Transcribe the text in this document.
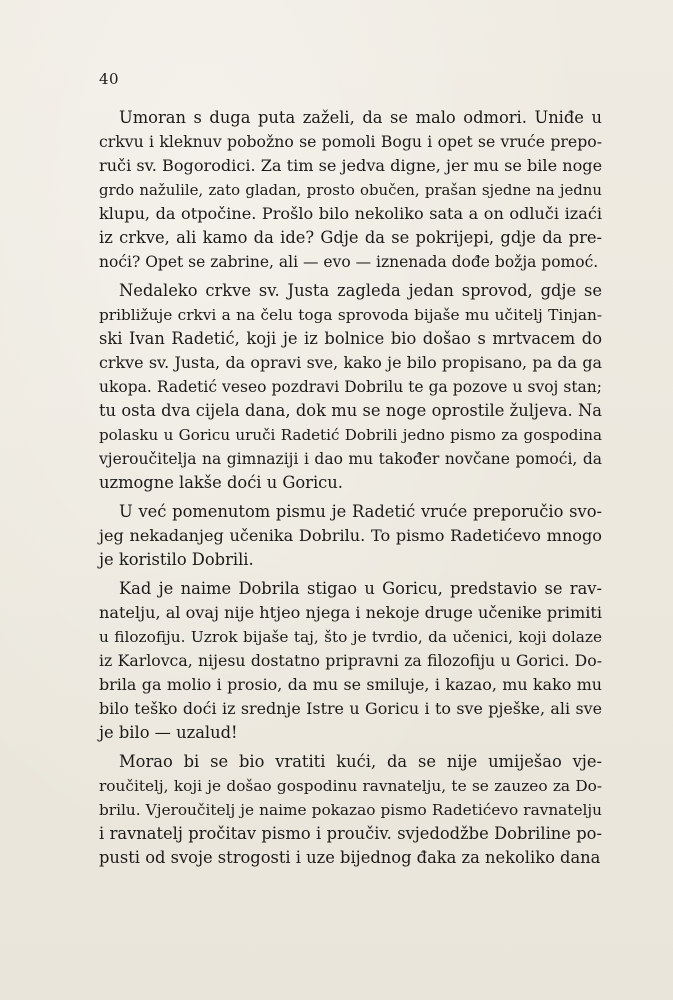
40
Umoran s duga puta zaželi, da se malo odmori. Uniđe u
crkvu i kleknuv pobožno se pomoli Bogu i opet se vruće prepo-
ruči sv. Bogorodici. Za tim se jedva digne, jer mu se bile noge
grdo nažulile, zato gladan, prosto obučen, prašan sjedne na jednu
klupu, da otpočine. Prošlo bilo nekoliko sata a on odluči izaći
iz crkve, ali kamo da ide? Gdje da se pokrijepi, gdje da pre-
noći? Opet se zabrine, ali — evo — iznenada dođe božja pomoć.
Nedaleko crkve sv. Justa zagleda jedan sprovod, gdje se
približuje crkvi a na čelu toga sprovoda bijaše mu učitelj Tinjan-
ski Ivan Radetić, koji je iz bolnice bio došao s mrtvacem do
crkve sv. Justa, da opravi sve, kako je bilo propisano, pa da ga
ukopa. Radetić veseo pozdravi Dobrilu te ga pozove u svoj stan;
tu osta dva cijela dana, dok mu se noge oprostile žuljeva. Na
polasku u Goricu uruči Radetić Dobrili jedno pismo za gospodina
vjeroučitelja na gimnaziji i dao mu također novčane pomoći, da
uzmogne lakše doći u Goricu.
U već pomenutom pismu je Radetić vruće preporučio svo-
jeg nekadanjeg učenika Dobrilu. To pismo Radetićevo mnogo
je koristilo Dobrili.
Kad je naime Dobrila stigao u Goricu, predstavio se rav-
natelju, al ovaj nije htjeo njega i nekoje druge učenike primiti
u filozofiju. Uzrok bijaše taj, što je tvrdio, da učenici, koji dolaze
iz Karlovca, nijesu dostatno pripravni za filozofiju u Gorici. Do-
brila ga molio i prosio, da mu se smiluje, i kazao, mu kako mu
bilo teško doći iz srednje Istre u Goricu i to sve pješke, ali sve
je bilo — uzalud!
Morao bi se bio vratiti kući, da se nije umiješao vje-
roučitelj, koji je došao gospodinu ravnatelju, te se zauzeo za Do-
brilu. Vjeroučitelj je naime pokazao pismo Radetićevo ravnatelju
i ravnatelj pročitav pismo i proučiv. svjedodžbe Dobriline po-
pusti od svoje strogosti i uze bijednog đaka za nekoliko dana
